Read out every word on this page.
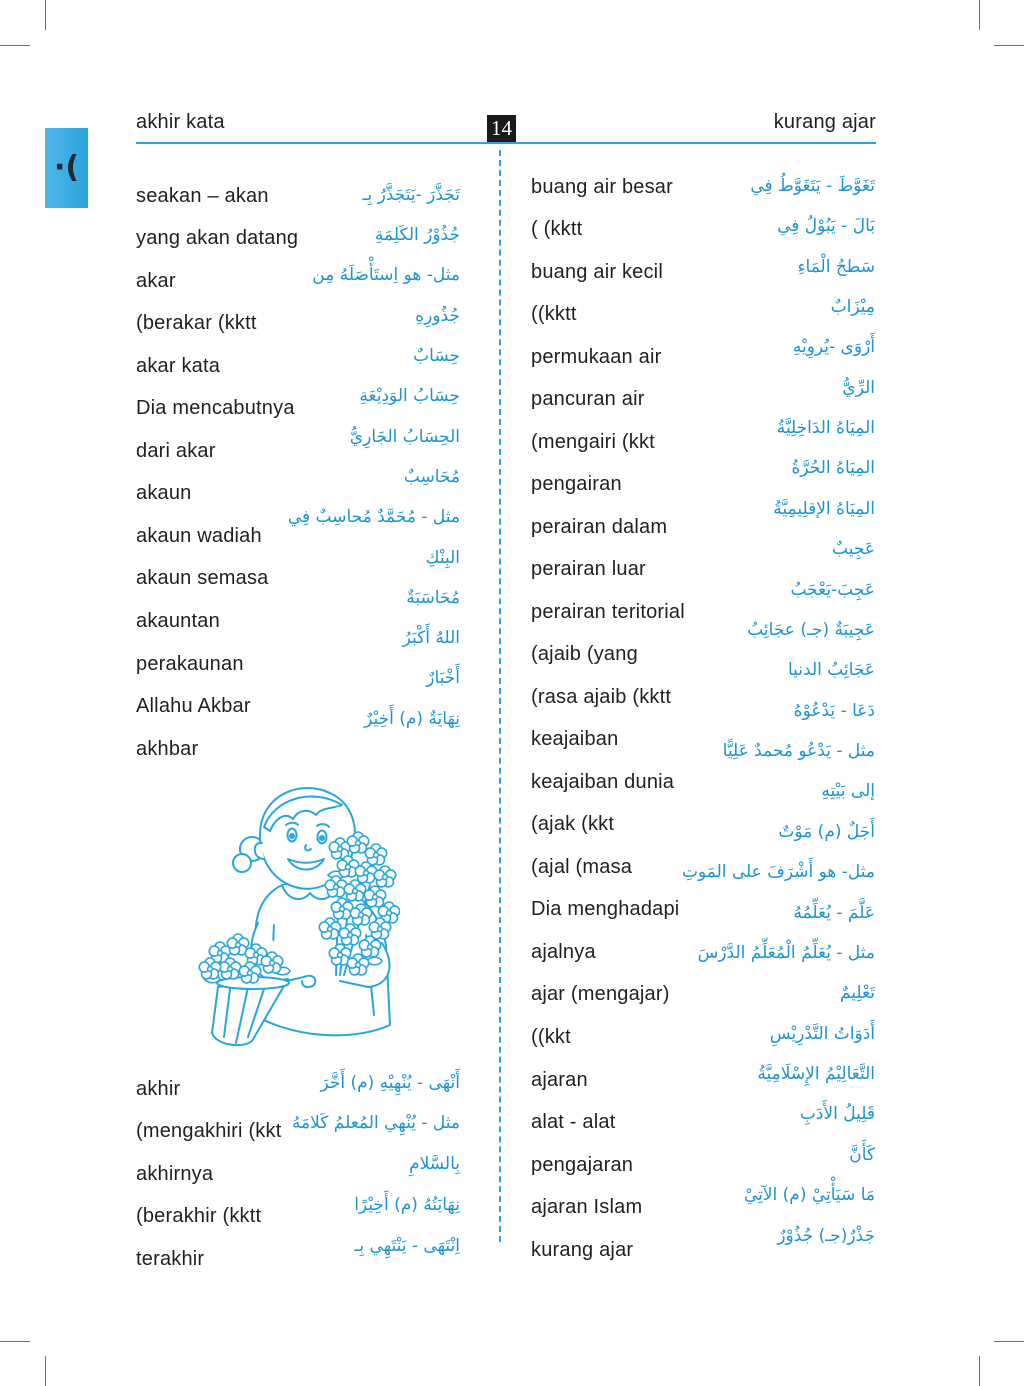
·(
akhir kata	14	kurang ajar
seakan – akan
yang akan datang
akar
(berakar (kktt
akar kata
Dia mencabutnya
dari akar
akaun
akaun wadiah
akaun semasa
akauntan
perakaunan
Allahu Akbar
akhbar
تَجَذَّرَ -يَتَجَذَّرُ بِـ
جُذُوْرُ الكَلِمَةِ
مثل- هو اِستَأْصَلَهُ مِن
جُذُورِهِ
حِسَابٌ
حِسَابُ الوَدِيْعَةِ
الحِسَابُ الجَارِيُّ
مُحَاسِبٌ
مثل - مُحَمَّدٌ مُحاسِبٌ فِي
البِنْكِ
مُحَاسَبَةٌ
اللهُ أَكْبَرُ
أَخْبَارٌ
نِهَايَةٌ (م) أَخِيْرٌ
akhir
(mengakhiri (kkt
akhirnya
(berakhir (kktt
terakhir
أَنْهَى - يُنْهِيْهِ (م) أَخَّرَ
مثل - يُنْهِي المُعلمُ كَلامَهُ
بِالسَّلامِ
نِهَايَتُهُ (م) أَخِيْرًا
اِنْتَهَى - يَنْتَهِي بِـ
buang air besar
( (kktt
buang air kecil
((kktt
permukaan air
pancuran air
(mengairi (kkt
pengairan
perairan dalam
perairan luar
perairan teritorial
(ajaib (yang
(rasa ajaib (kktt
keajaiban
keajaiban dunia
(ajak (kkt
(ajal (masa
Dia menghadapi
ajalnya
ajar (mengajar)
((kkt
ajaran
alat - alat
pengajaran
ajaran Islam
kurang ajar
تَغَوَّطَ - يَتَغَوَّطُ فِي
بَالَ - يَبُوْلُ فِي
سَطحُ الْمَاءِ
مِيْزَابٌ
أَرْوَى -يُروِيْهِ
الرِّيُّ
المِيَاهُ الدَاخِلِيَّةُ
المِيَاهُ الحُرَّةُ
المِيَاهُ الإقلِيمِيَّةُ
عَجِيبٌ
عَجِبَ-يَعْجَبُ
عَجِيبَةٌ (جـ) عجَائِبُ
عَجَائِبُ الدنيا
دَعَا - يَدْعُوْهُ
مثل - يَدْعُو مُحمدٌ عَلِيًّا
إلى بَيْتِهِ
أَجَلٌ (م) مَوْتٌ
مثل- هو أَشْرَفَ على المَوتِ
عَلَّمَ - يُعَلِّمُهُ
مثل - يُعَلِّمُ الْمُعَلِّمُ الدَّرْسَ
تَعْلِيمٌ
أَدَوَاتُ التَّدْرِيْسِ
التَّعَالِيْمُ الإِسْلَامِيَّةُ
قَلِيلُ الأَدَبِ
كَأَنَّ
مَا سَيَأْتِيْ (م) الآتِيْ
جَذْرٌ(جـ) جُذُوْرٌ
